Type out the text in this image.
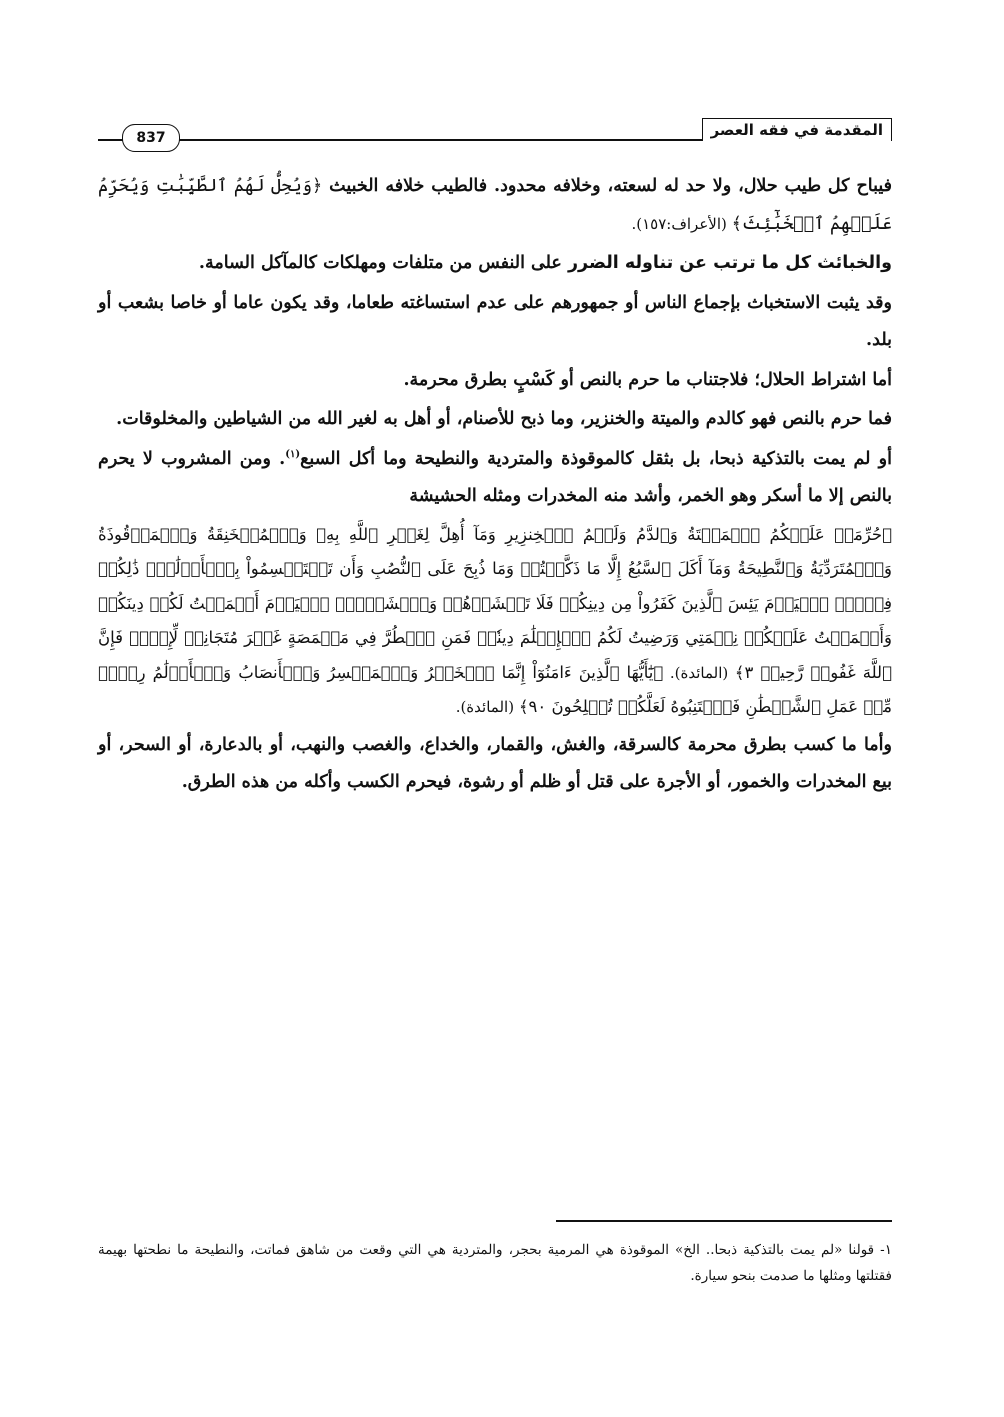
المقدمة في فقه العصر
837

فيباح كل طيب حلال، ولا حد له لسعته، وخلافه محدود. فالطيب خلافه الخبيث ﴿وَيُحِلُّ لَهُمُ ٱلطَّيِّبَٰتِ وَيُحَرِّمُ عَلَيۡهِمُ ٱلۡخَبَٰٓئِثَ﴾ (الأعراف:١٥٧).

والخبائث كل ما ترتب عن تناوله الضرر على النفس من متلفات ومهلكات كالمآكل السامة.

وقد يثبت الاستخباث بإجماع الناس أو جمهورهم على عدم استساغته طعاما، وقد يكون عاما أو خاصا بشعب أو بلد.

أما اشتراط الحلال؛ فلاجتناب ما حرم بالنص أو كَسْبٍ بطرق محرمة.

فما حرم بالنص فهو كالدم والميتة والخنزير، وما ذبح للأصنام، أو أهل به لغير الله من الشياطين والمخلوقات.

أو لم يمت بالتذكية ذبحا، بل بثقل كالموقوذة والمتردية والنطيحة وما أكل السبع$^{(١)}$. ومن المشروب لا يحرم بالنص إلا ما أسكر وهو الخمر، وأشد منه المخدرات ومثله الحشيشة

﴿حُرِّمَتۡ عَلَيۡكُمُ ٱلۡمَيۡتَةُ وَٱلدَّمُ وَلَحۡمُ ٱلۡخِنزِيرِ وَمَآ أُهِلَّ لِغَيۡرِ ٱللَّهِ بِهِۦ وَٱلۡمُنۡخَنِقَةُ وَٱلۡمَوۡقُوذَةُ وَٱلۡمُتَرَدِّيَةُ وَٱلنَّطِيحَةُ وَمَآ أَكَلَ ٱلسَّبُعُ إِلَّا مَا ذَكَّيۡتُمۡ وَمَا ذُبِحَ عَلَى ٱلنُّصُبِ وَأَن تَسۡتَقۡسِمُواْ بِٱلۡأَزۡلَٰمِۚ ذَٰلِكُمۡ فِسۡقٌۗ ٱلۡيَوۡمَ يَئِسَ ٱلَّذِينَ كَفَرُواْ مِن دِينِكُمۡ فَلَا تَخۡشَوۡهُمۡ وَٱخۡشَوۡنِۚ ٱلۡيَوۡمَ أَكۡمَلۡتُ لَكُمۡ دِينَكُمۡ وَأَتۡمَمۡتُ عَلَيۡكُمۡ نِعۡمَتِي وَرَضِيتُ لَكُمُ ٱلۡإِسۡلَٰمَ دِينٗاۚ فَمَنِ ٱضۡطُرَّ فِي مَخۡمَصَةٍ غَيۡرَ مُتَجَانِفٖ لِّإِثۡمٖ فَإِنَّ ٱللَّهَ غَفُورٞ رَّحِيمٞ ٣﴾ (المائدة). ﴿يَٰٓأَيُّهَا ٱلَّذِينَ ءَامَنُوٓاْ إِنَّمَا ٱلۡخَمۡرُ وَٱلۡمَيۡسِرُ وَٱلۡأَنصَابُ وَٱلۡأَزۡلَٰمُ رِجۡسٞ مِّنۡ عَمَلِ ٱلشَّيۡطَٰنِ فَٱجۡتَنِبُوهُ لَعَلَّكُمۡ تُفۡلِحُونَ ٩٠﴾ (المائدة).

وأما ما كسب بطرق محرمة كالسرقة، والغش، والقمار، والخداع، والغصب والنهب، أو بالدعارة، أو السحر، أو بيع المخدرات والخمور، أو الأجرة على قتل أو ظلم أو رشوة، فيحرم الكسب وأكله من هذه الطرق.

١- قولنا «لم يمت بالتذكية ذبحا.. الخ» الموقوذة هي المرمية بحجر، والمتردية هي التي وقعت من شاهق فماتت، والنطيحة ما نطحتها بهيمة فقتلتها ومثلها ما صدمت بنحو سيارة.
